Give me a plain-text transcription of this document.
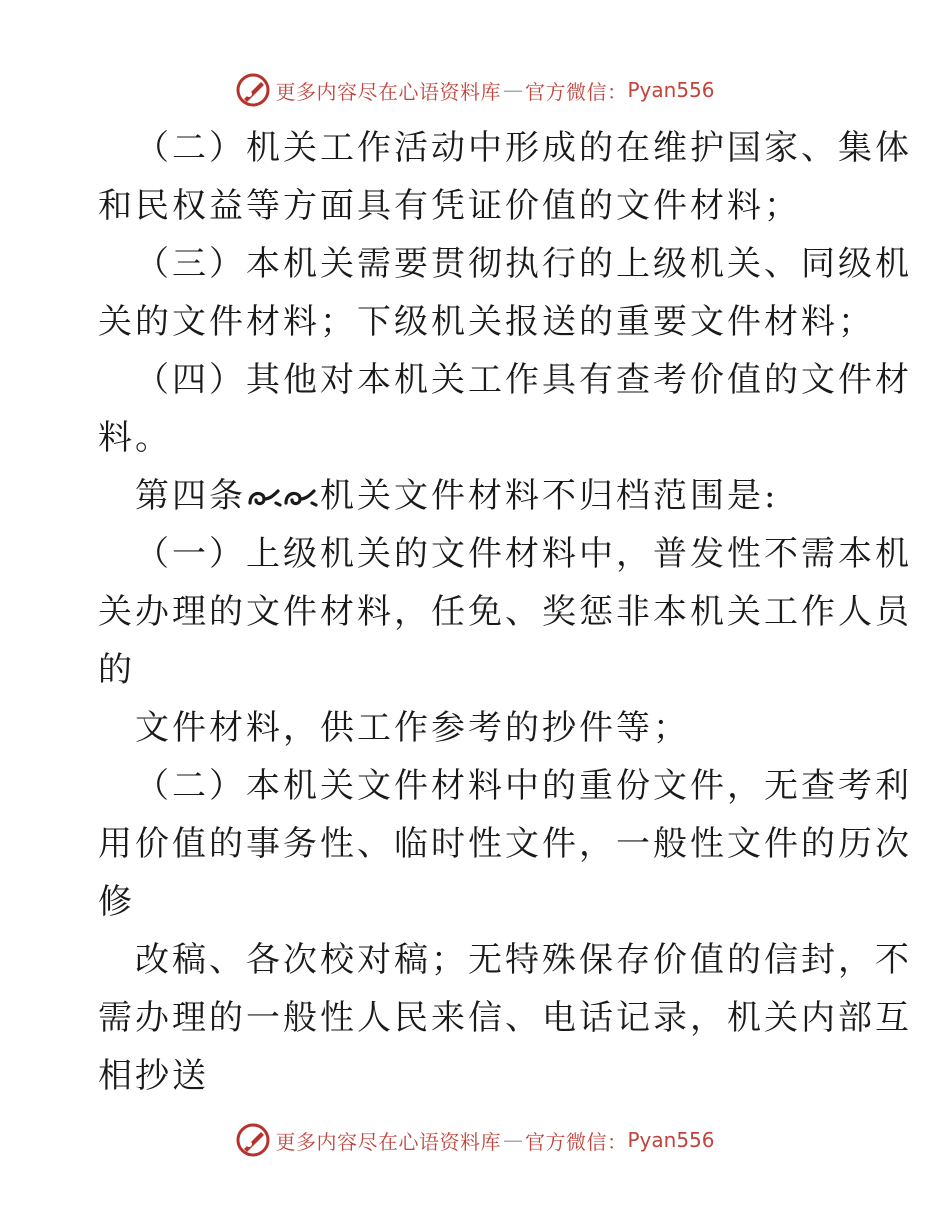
更多内容尽在心语资料库 — 官方微信： Pyan556
（二）机关工作活动中形成的在维护国家、集体
和民权益等方面具有凭证价值的文件材料；
（三）本机关需要贯彻执行的上级机关、同级机
关的文件材料；下级机关报送的重要文件材料；
（四）其他对本机关工作具有查考价值的文件材
料。
第四条 机关文件材料不归档范围是:
（一）上级机关的文件材料中，普发性不需本机
关办理的文件材料，任免、奖惩非本机关工作人员
的
文件材料，供工作参考的抄件等；
（二）本机关文件材料中的重份文件，无查考利
用价值的事务性、临时性文件，一般性文件的历次
修
改稿、各次校对稿；无特殊保存价值的信封，不
需办理的一般性人民来信、电话记录，机关内部互
相抄送
更多内容尽在心语资料库 — 官方微信： Pyan556
